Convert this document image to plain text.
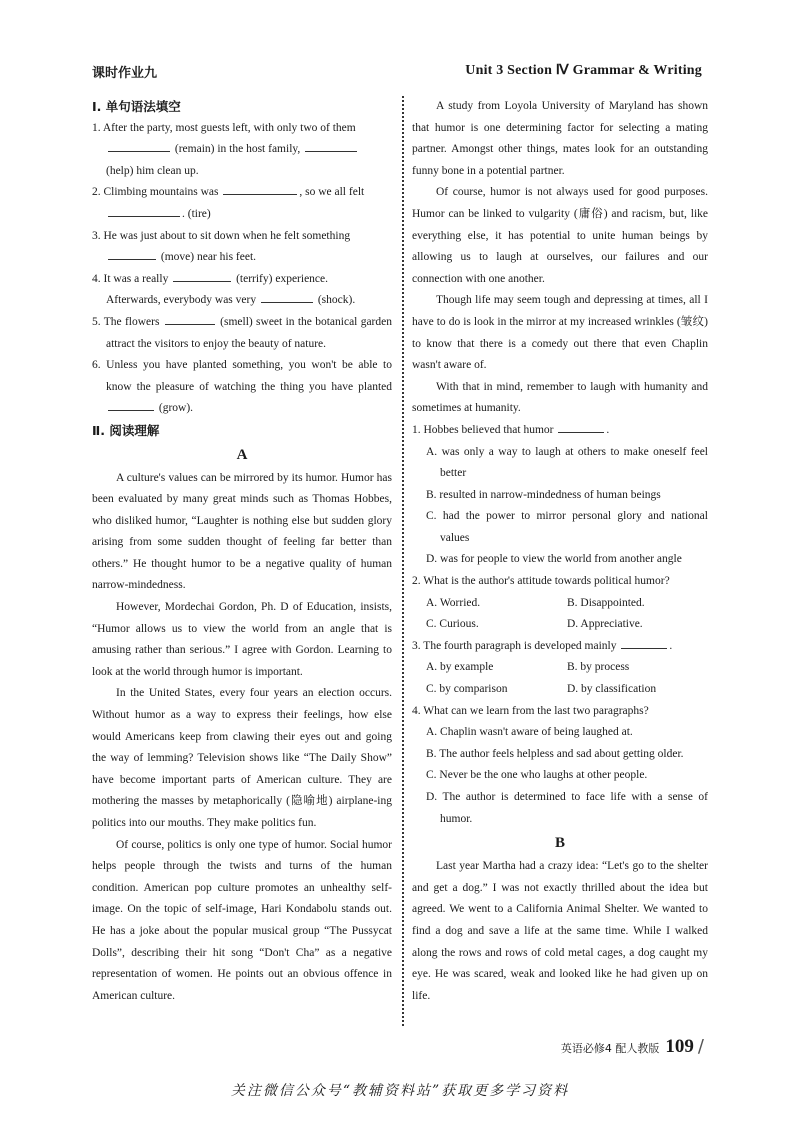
课时作业九	Unit 3 Section Ⅳ Grammar & Writing
Ⅰ. 单句语法填空
1. After the party, most guests left, with only two of them
(remain) in the host family,
(help) him clean up.
2. Climbing mountains was	, so we all felt
. (tire)
3. He was just about to sit down when he felt something
(move) near his feet.
4. It was a really	(terrify) experience.
Afterwards, everybody was very	(shock).
5. The flowers	(smell) sweet in the botanical garden attract the visitors to enjoy the beauty of nature.
6. Unless you have planted something, you won't be able to know the pleasure of watching the thing you have planted  (grow).
Ⅱ. 阅读理解
A

A culture's values can be mirrored by its humor. Humor has been evaluated by many great minds such as Thomas Hobbes, who disliked humor, “Laughter is nothing else but sudden glory arising from some sudden thought of feeling far better than others.” He thought humor to be a negative quality of human narrow-mindedness.

However, Mordechai Gordon, Ph. D of Education, insists, “Humor allows us to view the world from an angle that is amusing rather than serious.” I agree with Gordon. Learning to look at the world through humor is important.

In the United States, every four years an election occurs. Without humor as a way to express their feelings, how else would Americans keep from clawing their eyes out and going the way of lemming? Television shows like “The Daily Show” have become important parts of American culture. They are mothering the masses by metaphorically (隐喻地) airplane-ing politics into our mouths. They make politics fun.

Of course, politics is only one type of humor. Social humor helps people through the twists and turns of the human condition. American pop culture promotes an unhealthy self-image. On the topic of self-image, Hari Kondabolu stands out. He has a joke about the popular musical group “The Pussycat Dolls”, describing their hit song “Don't Cha” as a negative representation of women. He points out an obvious offence in American culture.

A study from Loyola University of Maryland has shown that humor is one determining factor for selecting a mating partner. Amongst other things, mates look for an outstanding funny bone in a potential partner.

Of course, humor is not always used for good purposes. Humor can be linked to vulgarity (庸俗) and racism, but, like everything else, it has potential to unite human beings by allowing us to laugh at ourselves, our failures and our connection with one another.

Though life may seem tough and depressing at times, all I have to do is look in the mirror at my increased wrinkles (皱纹) to know that there is a comedy out there that even Chaplin wasn't aware of.

With that in mind, remember to laugh with humanity and sometimes at humanity.

1. Hobbes believed that humor	.
A. was only a way to laugh at others to make oneself feel better
B. resulted in narrow-mindedness of human beings
C. had the power to mirror personal glory and national values
D. was for people to view the world from another angle
2. What is the author's attitude towards political humor?
A. Worried.	B. Disappointed.
C. Curious.	D. Appreciative.
3. The fourth paragraph is developed mainly	.
A. by example	B. by process
C. by comparison	D. by classification
4. What can we learn from the last two paragraphs?
A. Chaplin wasn't aware of being laughed at.
B. The author feels helpless and sad about getting older.
C. Never be the one who laughs at other people.
D. The author is determined to face life with a sense of humor.
B

Last year Martha had a crazy idea: “Let's go to the shelter and get a dog.” I was not exactly thrilled about the idea but agreed. We went to a California Animal Shelter. We wanted to find a dog and save a life at the same time. While I walked along the rows and rows of cold metal cages, a dog caught my eye. He was scared, weak and looked like he had given up on life.

英语必修4 配人教版 109 /
关注微信公众号“教辅资料站”获取更多学习资料
